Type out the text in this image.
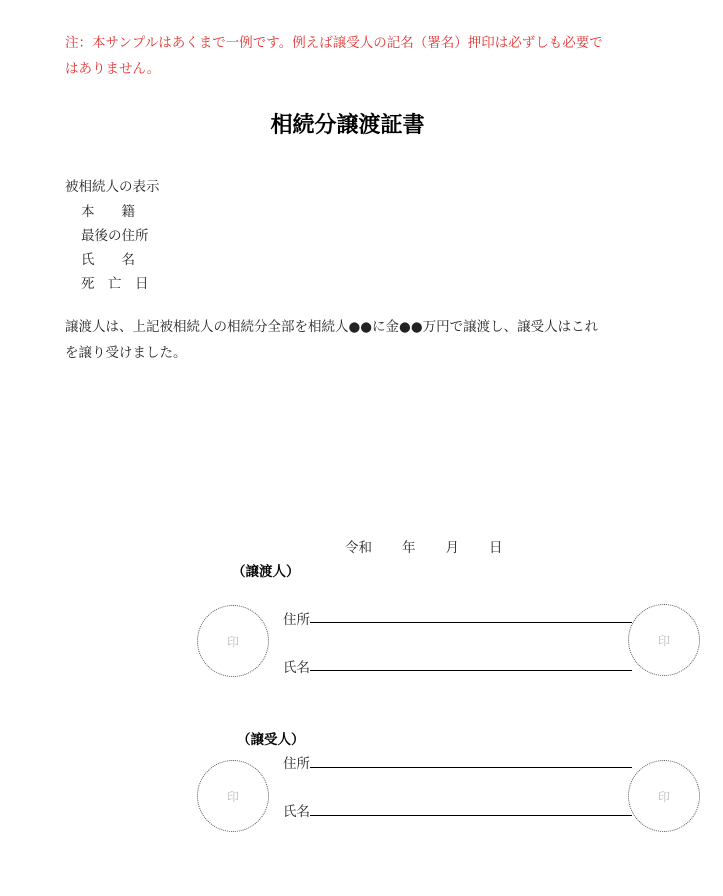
注：本サンプルはあくまで一例です。例えば譲受人の記名（署名）押印は必ずしも必要で
はありません。
相続分譲渡証書
被相続人の表示
本　　籍
最後の住所
氏　　名
死　亡　日
譲渡人は、上記被相続人の相続分全部を相続人●●に金●●万円で譲渡し、譲受人はこれ
を譲り受けました。
令和 年 月 日
（譲渡人）
印
住所
氏名
印
（譲受人）
印
住所
氏名
印
